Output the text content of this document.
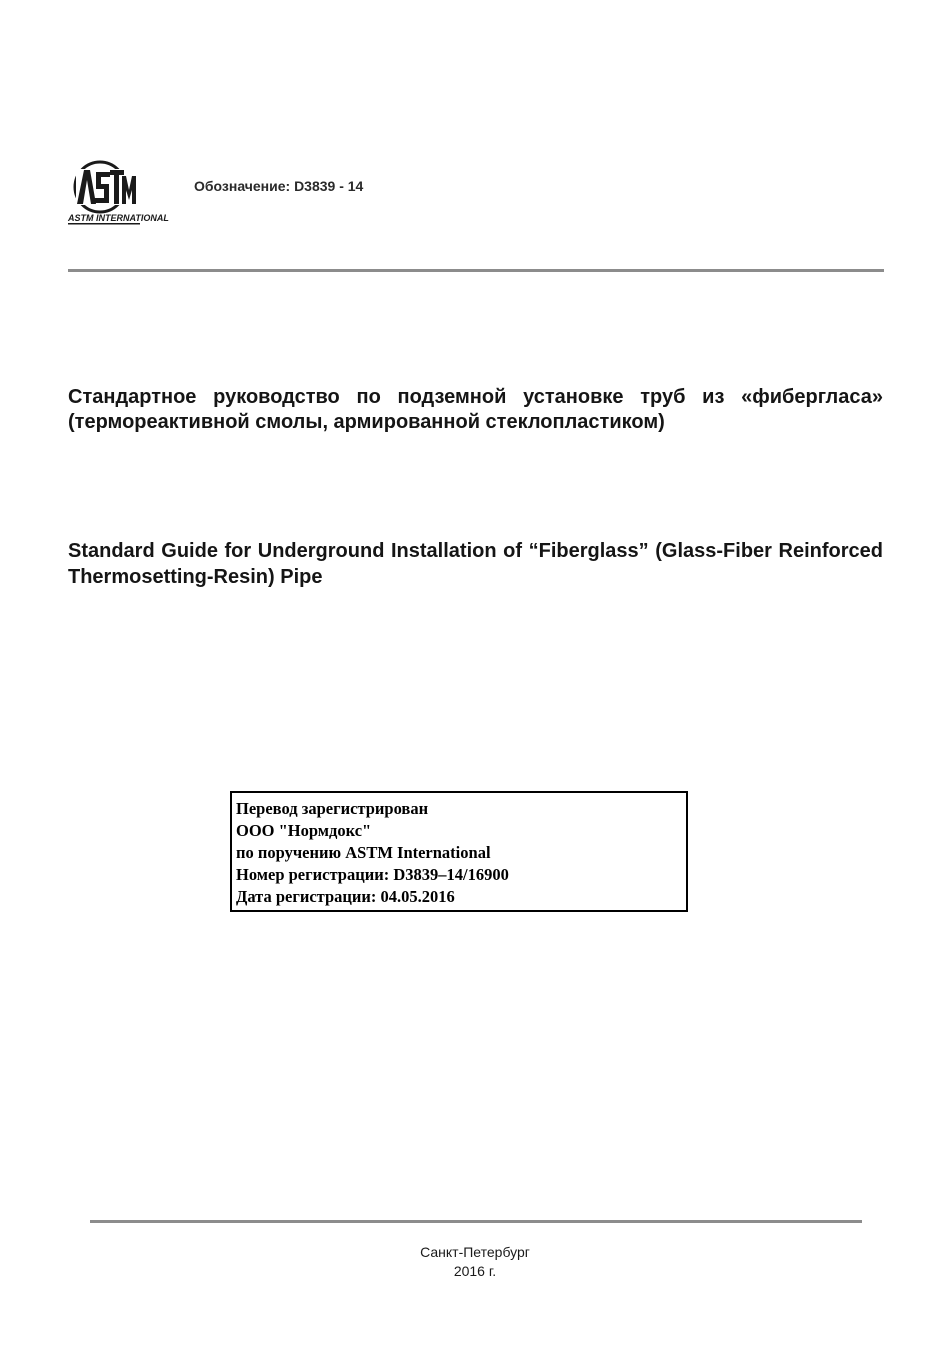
ASTM INTERNATIONAL
Обозначение: D3839 - 14
Стандартное руководство по подземной установке труб из «фибергласа» (термореактивной смолы, армированной стеклопластиком)
Standard Guide for Underground Installation of “Fiberglass” (Glass-Fiber Reinforced Thermosetting-Resin) Pipe
Перевод зарегистрирован
ООО "Нормдокс"
по поручению ASTM International
Номер регистрации: D3839–14/16900
Дата регистрации: 04.05.2016
Санкт-Петербург
2016 г.
